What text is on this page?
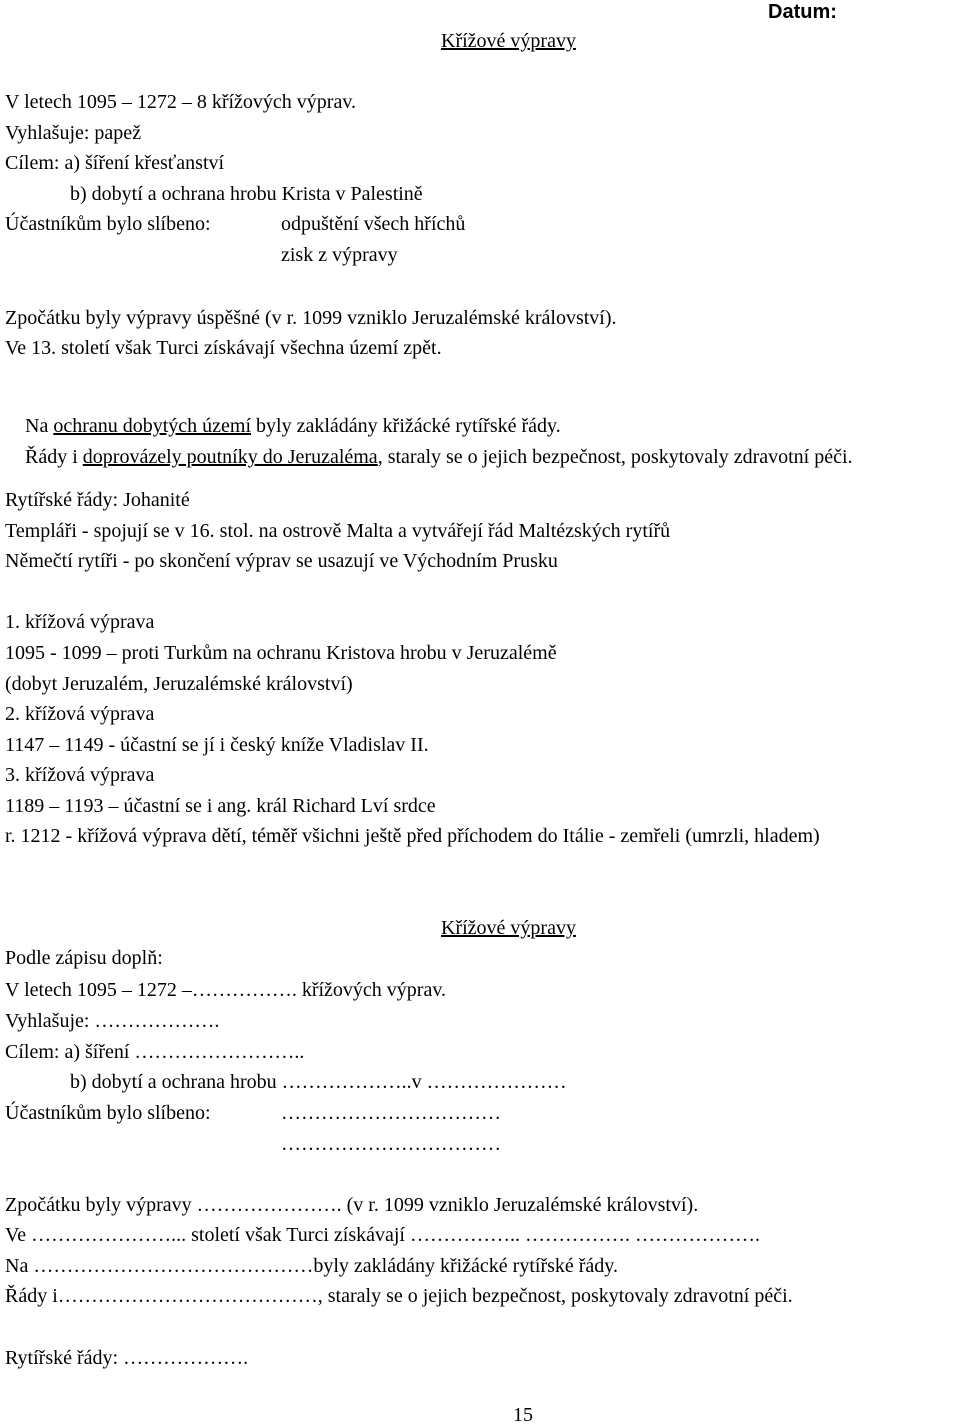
Datum:
Křížové výpravy
V letech 1095 – 1272 – 8 křížových výprav.
Vyhlašuje: papež
Cílem: a) šíření křesťanství
b) dobytí a ochrana hrobu Krista v Palestině
Účastníkům bylo slíbeno:	odpuštění všech hříchů
zisk z výpravy
Zpočátku byly výpravy úspěšné (v r. 1099 vzniklo Jeruzalémské království).
Ve 13. století však Turci získávají všechna území zpět.

Na ochranu dobytých území byly zakládány křižácké rytířské řády.

Řády i doprovázely poutníky do Jeruzaléma, staraly se o jejich bezpečnost, poskytovaly zdravotní péči.

Rytířské řády: Johanité
Templáři - spojují se v 16. stol. na ostrově Malta a vytvářejí řád Maltézských rytířů
Němečtí rytíři - po skončení výprav se usazují ve Východním Prusku
1. křížová výprava
1095 - 1099 – proti Turkům na ochranu Kristova hrobu v Jeruzalémě
(dobyt Jeruzalém, Jeruzalémské království)
2. křížová výprava
1147 – 1149 - účastní se jí i český kníže Vladislav II.
3. křížová výprava
1189 – 1193 – účastní se i ang. král Richard Lví srdce
r. 1212 - křížová výprava dětí, téměř všichni ještě před příchodem do Itálie - zemřeli (umrzli, hladem)
Křížové výpravy
Podle zápisu doplň:
V letech 1095 – 1272 –……………. křížových výprav.
Vyhlašuje: ……………….
Cílem: a) šíření ……………………..
b) dobytí a ochrana hrobu ………………..v …………………
Účastníkům bylo slíbeno:	……………………………
……………………………
Zpočátku byly výpravy …………………. (v r. 1099 vzniklo Jeruzalémské království).
Ve …………………... století však Turci získávají …………….. ……………. ……………….
Na ……………………………………byly zakládány křižácké rytířské řády.
Řády i…………………………………, staraly se o jejich bezpečnost, poskytovaly zdravotní péči.
Rytířské řády: ……………….
15
